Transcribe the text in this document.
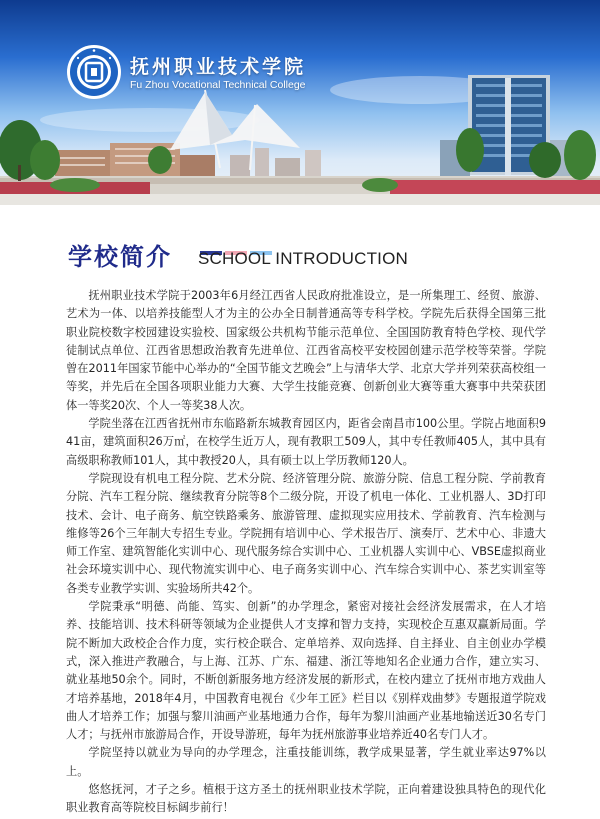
抚州职业技术学院
Fu Zhou Vocational Technical College
学校简介 SCHOOL INTRODUCTION

抚州职业技术学院于2003年6月经江西省人民政府批准设立，是一所集理工、经贸、旅游、艺术为一体、以培养技能型人才为主的公办全日制普通高等专科学校。学院先后获得全国第三批职业院校数字校园建设实验校、国家级公共机构节能示范单位、全国国防教育特色学校、现代学徒制试点单位、江西省思想政治教育先进单位、江西省高校平安校园创建示范学校等荣誉。学院曾在2011年国家节能中心举办的“全国节能文艺晚会”上与清华大学、北京大学并列荣获高校组一等奖，并先后在全国各项职业能力大赛、大学生技能竞赛、创新创业大赛等重大赛事中共荣获团体一等奖20次、个人一等奖38人次。

学院坐落在江西省抚州市东临路新东城教育园区内，距省会南昌市100公里。学院占地面积941亩，建筑面积26万㎡，在校学生近万人，现有教职工509人，其中专任教师405人，其中具有高级职称教师101人，其中教授20人，具有硕士以上学历教师120人。

学院现设有机电工程分院、艺术分院、经济管理分院、旅游分院、信息工程分院、学前教育分院、汽车工程分院、继续教育分院等8个二级分院，开设了机电一体化、工业机器人、3D打印技术、会计、电子商务、航空铁路乘务、旅游管理、虚拟现实应用技术、学前教育、汽车检测与维修等26个三年制大专招生专业。学院拥有培训中心、学术报告厅、演奏厅、艺术中心、非遗大师工作室、建筑智能化实训中心、现代服务综合实训中心、工业机器人实训中心、VBSE虚拟商业社会环境实训中心、现代物流实训中心、电子商务实训中心、汽车综合实训中心、茶艺实训室等各类专业教学实训、实验场所共42个。

学院秉承“明德、尚能、笃实、创新”的办学理念，紧密对接社会经济发展需求，在人才培养、技能培训、技术科研等领域为企业提供人才支撑和智力支持，实现校企互惠双赢新局面。学院不断加大政校企合作力度，实行校企联合、定单培养、双向选择、自主择业、自主创业办学模式，深入推进产教融合，与上海、江苏、广东、福建、浙江等地知名企业通力合作，建立实习、就业基地50余个。同时，不断创新服务地方经济发展的新形式，在校内建立了抚州市地方戏曲人才培养基地，2018年4月，中国教育电视台《少年工匠》栏目以《别样戏曲梦》专题报道学院戏曲人才培养工作；加强与黎川油画产业基地通力合作，每年为黎川油画产业基地输送近30名专门人才；与抚州市旅游局合作，开设导游班，每年为抚州旅游事业培养近40名专门人才。

学院坚持以就业为导向的办学理念，注重技能训练，教学成果显著，学生就业率达97%以上。

悠悠抚河，才子之乡。植根于这方圣土的抚州职业技术学院，正向着建设独具特色的现代化职业教育高等院校目标阔步前行！
